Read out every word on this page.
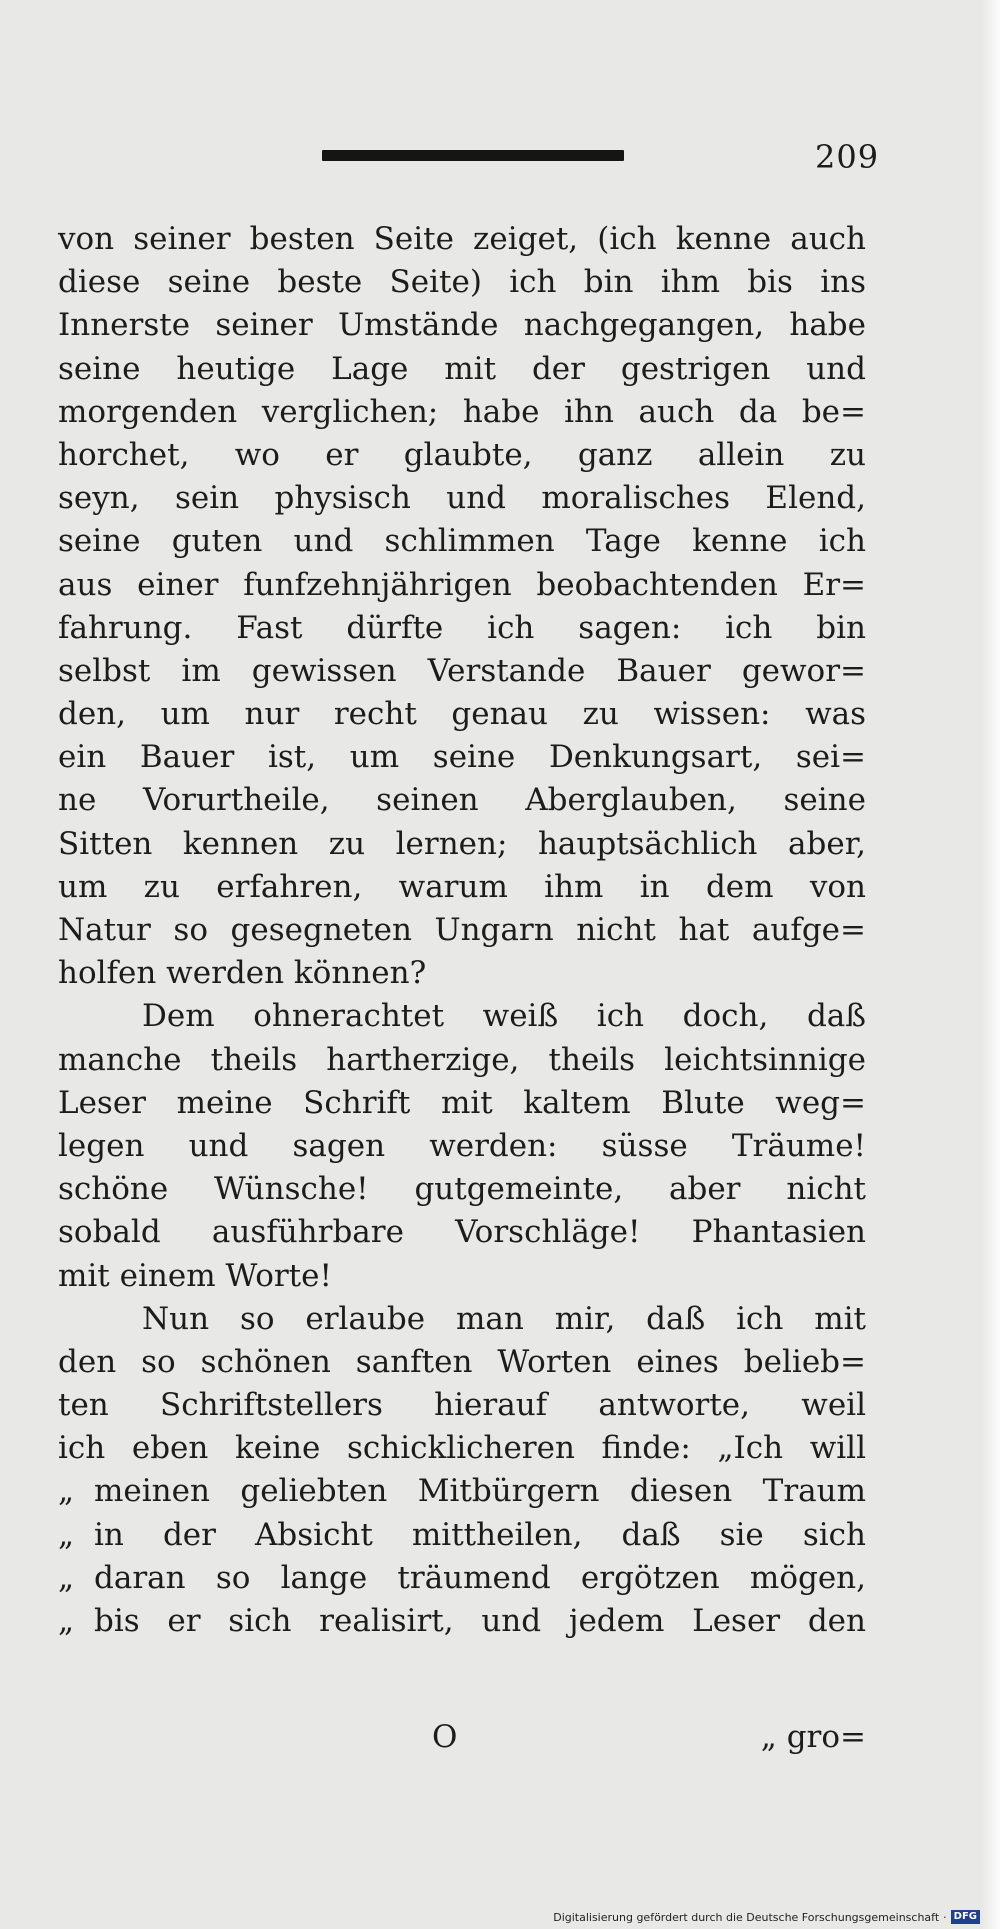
209
von seiner besten Seite zeiget, (ich kenne auch
diese seine beste Seite) ich bin ihm bis ins
Innerste seiner Umstände nachgegangen, habe
seine heutige Lage mit der gestrigen und
morgenden verglichen; habe ihn auch da be=
horchet, wo er glaubte, ganz allein zu
seyn, sein physisch und moralisches Elend,
seine guten und schlimmen Tage kenne ich
aus einer funfzehnjährigen beobachtenden Er=
fahrung. Fast dürfte ich sagen: ich bin
selbst im gewissen Verstande Bauer gewor=
den, um nur recht genau zu wissen: was
ein Bauer ist, um seine Denkungsart, sei=
ne Vorurtheile, seinen Aberglauben, seine
Sitten kennen zu lernen; hauptsächlich aber,
um zu erfahren, warum ihm in dem von
Natur so gesegneten Ungarn nicht hat aufge=
holfen werden können?
Dem ohnerachtet weiß ich doch, daß
manche theils hartherzige, theils leichtsinnige
Leser meine Schrift mit kaltem Blute weg=
legen und sagen werden: süsse Träume!
schöne Wünsche! gutgemeinte, aber nicht
sobald ausführbare Vorschläge! Phantasien
mit einem Worte!
Nun so erlaube man mir, daß ich mit
den so schönen sanften Worten eines belieb=
ten Schriftstellers hierauf antworte, weil
ich eben keine schicklicheren finde: „Ich will
„ meinen geliebten Mitbürgern diesen Traum
„ in der Absicht mittheilen, daß sie sich
„ daran so lange träumend ergötzen mögen,
„ bis er sich realisirt, und jedem Leser den
O	„ gro=
Digitalisierung gefördert durch die Deutsche Forschungsgemeinschaft · DFG
